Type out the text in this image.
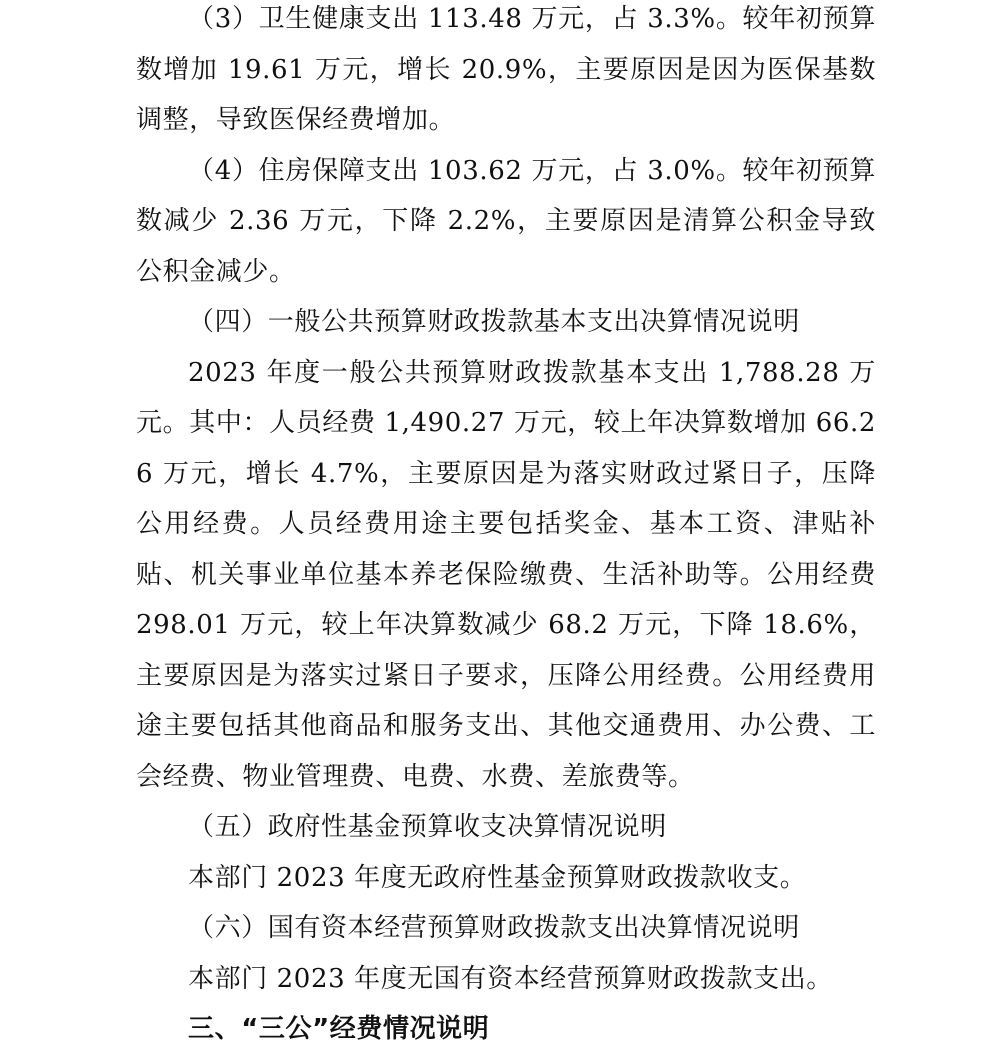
（3）卫生健康支出 113.48 万元，占 3.3%。较年初预算数增加 19.61 万元，增长 20.9%，主要原因是因为医保基数调整，导致医保经费增加。

（4）住房保障支出 103.62 万元，占 3.0%。较年初预算数减少 2.36 万元，下降 2.2%，主要原因是清算公积金导致公积金减少。

（四）一般公共预算财政拨款基本支出决算情况说明

2023 年度一般公共预算财政拨款基本支出 1,788.28 万元。其中：人员经费 1,490.27 万元，较上年决算数增加 66.26 万元，增长 4.7%，主要原因是为落实财政过紧日子，压降公用经费。人员经费用途主要包括奖金、基本工资、津贴补贴、机关事业单位基本养老保险缴费、生活补助等。公用经费 298.01 万元，较上年决算数减少 68.2 万元，下降 18.6%，主要原因是为落实过紧日子要求，压降公用经费。公用经费用途主要包括其他商品和服务支出、其他交通费用、办公费、工会经费、物业管理费、电费、水费、差旅费等。

（五）政府性基金预算收支决算情况说明

本部门 2023 年度无政府性基金预算财政拨款收支。

（六）国有资本经营预算财政拨款支出决算情况说明

本部门 2023 年度无国有资本经营预算财政拨款支出。

三、“三公”经费情况说明
